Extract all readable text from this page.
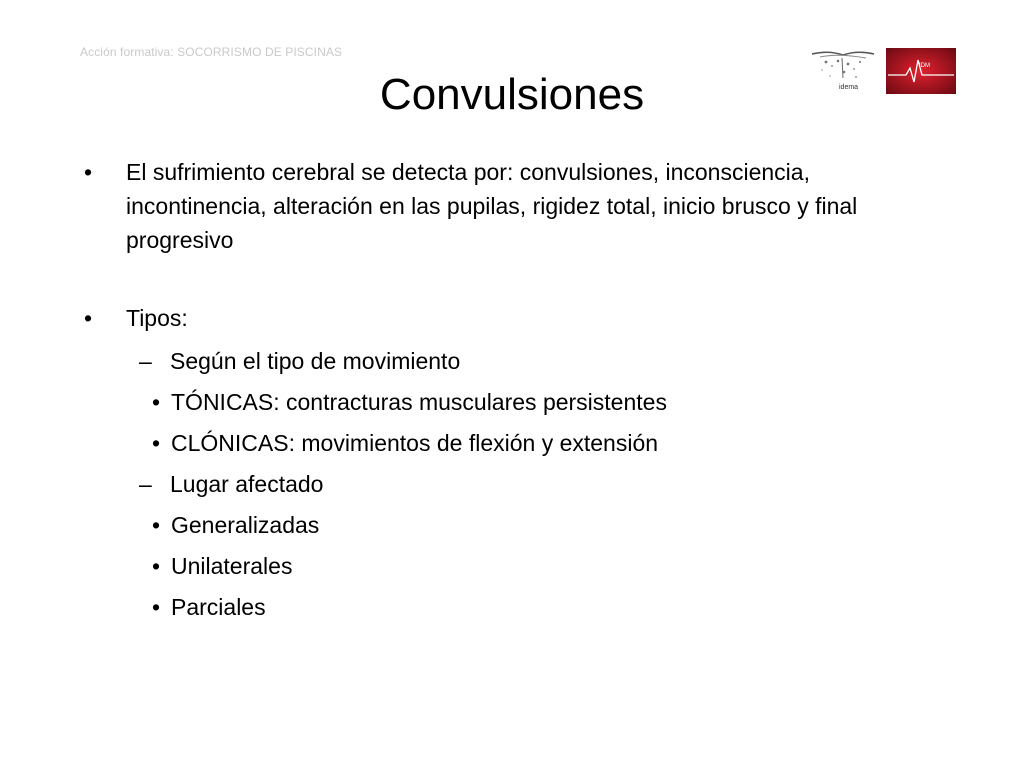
Acción formativa: SOCORRISMO DE PISCINAS
Convulsiones	idema
IDM
• El sufrimiento cerebral se detecta por: convulsiones, inconsciencia, incontinencia, alteración en las pupilas, rigidez total, inicio brusco y final progresivo
• Tipos:
– Según el tipo de movimiento
• TÓNICAS: contracturas musculares persistentes
• CLÓNICAS: movimientos de flexión y extensión
– Lugar afectado
• Generalizadas
• Unilaterales
• Parciales
